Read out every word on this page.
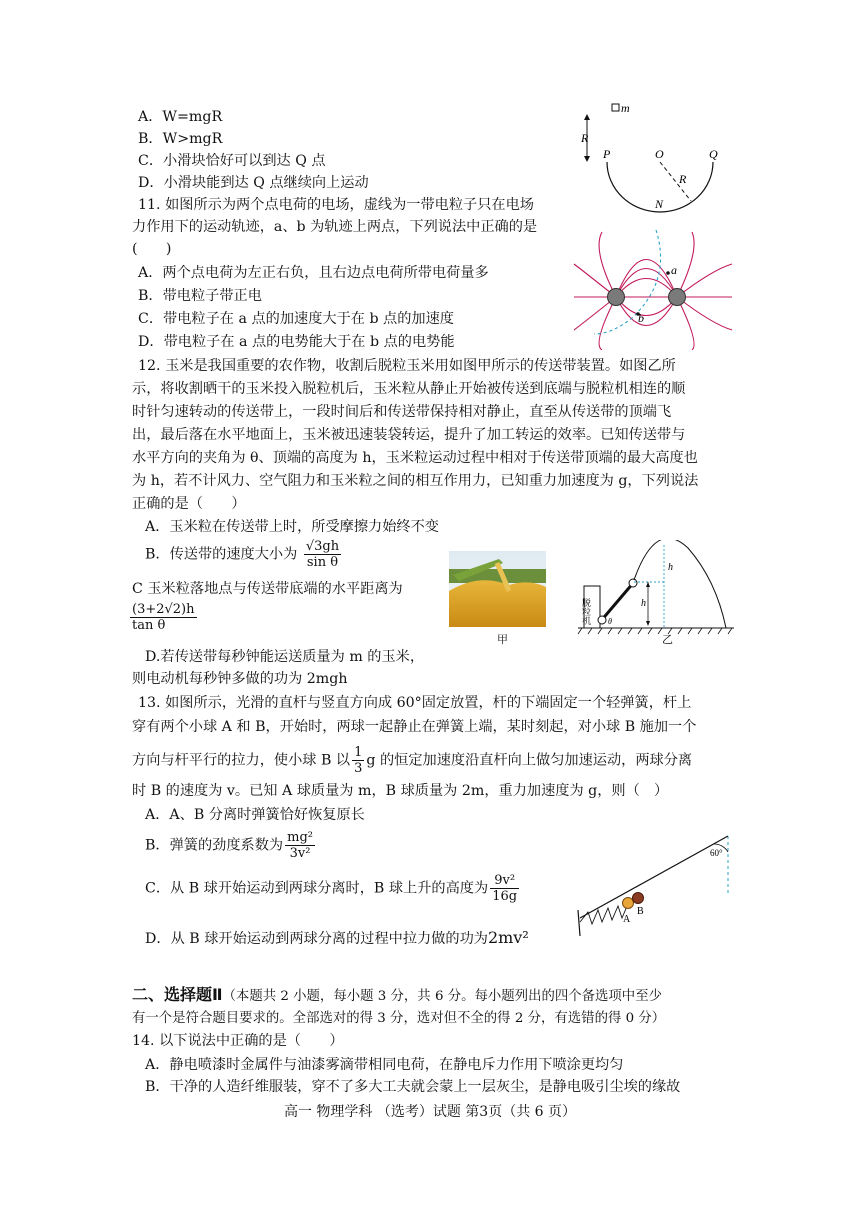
A．W=mgR
B．W>mgR
C．小滑块恰好可以到达 Q 点
D．小滑块能到达 Q 点继续向上运动
m
R
P	O	Q
R
N
11. 如图所示为两个点电荷的电场，虚线为一带电粒子只在电场
力作用下的运动轨迹，a、b 为轨迹上两点，下列说法中正确的是
(　　)
A．两个点电荷为左正右负，且右边点电荷所带电荷量多
B．带电粒子带正电
C．带电粒子在 a 点的加速度大于在 b 点的加速度
D．带电粒子在 a 点的电势能大于在 b 点的电势能
a
b
12. 玉米是我国重要的农作物，收割后脱粒玉米用如图甲所示的传送带装置。如图乙所
示，将收割晒干的玉米投入脱粒机后，玉米粒从静止开始被传送到底端与脱粒机相连的顺
时针匀速转动的传送带上，一段时间后和传送带保持相对静止，直至从传送带的顶端飞
出，最后落在水平地面上，玉米被迅速装袋转运，提升了加工转运的效率。已知传送带与
水平方向的夹角为 θ、顶端的高度为 h，玉米粒运动过程中相对于传送带顶端的最大高度也
为 h，若不计风力、空气阻力和玉米粒之间的相互作用力，已知重力加速度为 g，下列说法
正确的是（　　）
A．玉米粒在传送带上时，所受摩擦力始终不变
B．传送带的速度大小为 $\frac{√3gh}{\text{sin θ}}$
C 玉米粒落地点与传送带底端的水平距离为
$\frac{(3+2√2)h}{\text{tan θ}}$
D.若传送带每秒钟能运送质量为 m 的玉米，
则电动机每秒钟多做的功为 2mgh
甲
脱粒机 θ
h
h
乙
13. 如图所示，光滑的直杆与竖直方向成 60°固定放置，杆的下端固定一个轻弹簧，杆上
穿有两个小球 A 和 B，开始时，两球一起静止在弹簧上端，某时刻起，对小球 B 施加一个
方向与杆平行的拉力，使小球 B 以 $\frac{1}{3}$ g 的恒定加速度沿直杆向上做匀加速运动，两球分离
时 B 的速度为 v。已知 A 球质量为 m，B 球质量为 2m，重力加速度为 g，则（　）
A．A、B 分离时弹簧恰好恢复原长
B．弹簧的劲度系数为 $\frac{\text{mg²}}{\text{3v²}}$
C．从 B 球开始运动到两球分离时，B 球上升的高度为 $\frac{\text{9v²}}{16g}$
D．从 B 球开始运动到两球分离的过程中拉力做的功为2mv²
60°
A
B
二、选择题Ⅱ（本题共 2 小题，每小题 3 分，共 6 分。每小题列出的四个备选项中至少
有一个是符合题目要求的。全部选对的得 3 分，选对但不全的得 2 分，有选错的得 0 分）
14. 以下说法中正确的是（　　）
A．静电喷漆时金属件与油漆雾滴带相同电荷，在静电斥力作用下喷涂更均匀
B．干净的人造纤维服装，穿不了多大工夫就会蒙上一层灰尘，是静电吸引尘埃的缘故
高一 物理学科 （选考）试题 第3页（共 6 页）
